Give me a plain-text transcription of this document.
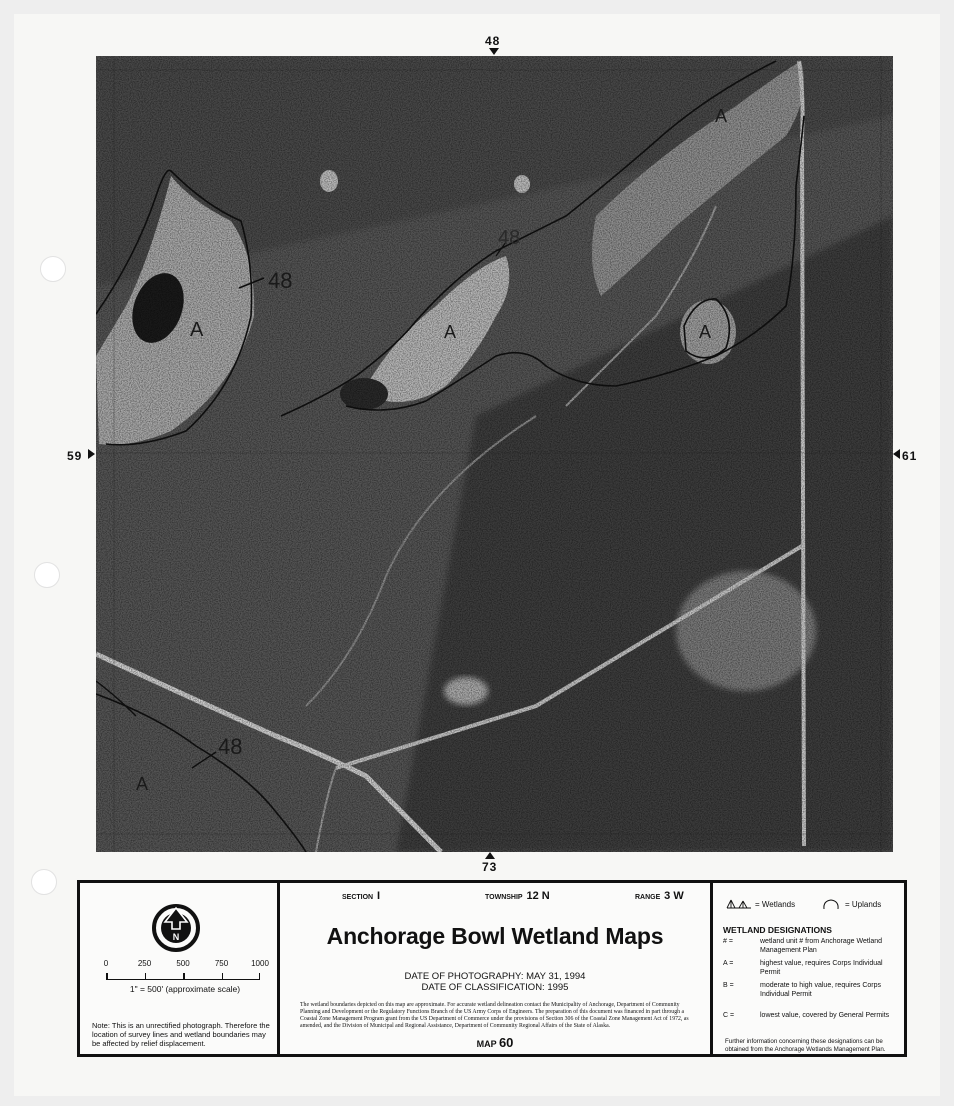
48
73
59	61
48
48
48
A	A
A
A
A
N
0	250	500	750	1000
1" = 500' (approximate scale)
Note: This is an unrectified photograph. Therefore the location of survey lines and wetland boundaries may be affected by relief displacement.
SECTION I	TOWNSHIP 12 N	RANGE 3 W
Anchorage Bowl Wetland Maps
DATE OF PHOTOGRAPHY: MAY 31, 1994
DATE OF CLASSIFICATION: 1995
The wetland boundaries depicted on this map are approximate. For accurate wetland delineation contact the Municipality of Anchorage, Department of Community Planning and Development or the Regulatory Functions Branch of the US Army Corps of Engineers. The preparation of this document was financed in part through a Coastal Zone Management Program grant from the US Department of Commerce under the provisions of Section 306 of the Coastal Zone Management Act of 1972, as amended, and the Division of Municipal and Regional Assistance, Department of Community Regional Affairs of the State of Alaska.
MAP 60
= Wetlands	= Uplands
WETLAND DESIGNATIONS
# =	wetland unit # from Anchorage Wetland Management Plan
A =	highest value, requires Corps Individual Permit
B =	moderate to high value, requires Corps Individual Permit
C =	lowest value, covered by General Permits
Further information concerning these designations can be obtained from the Anchorage Wetlands Management Plan.
